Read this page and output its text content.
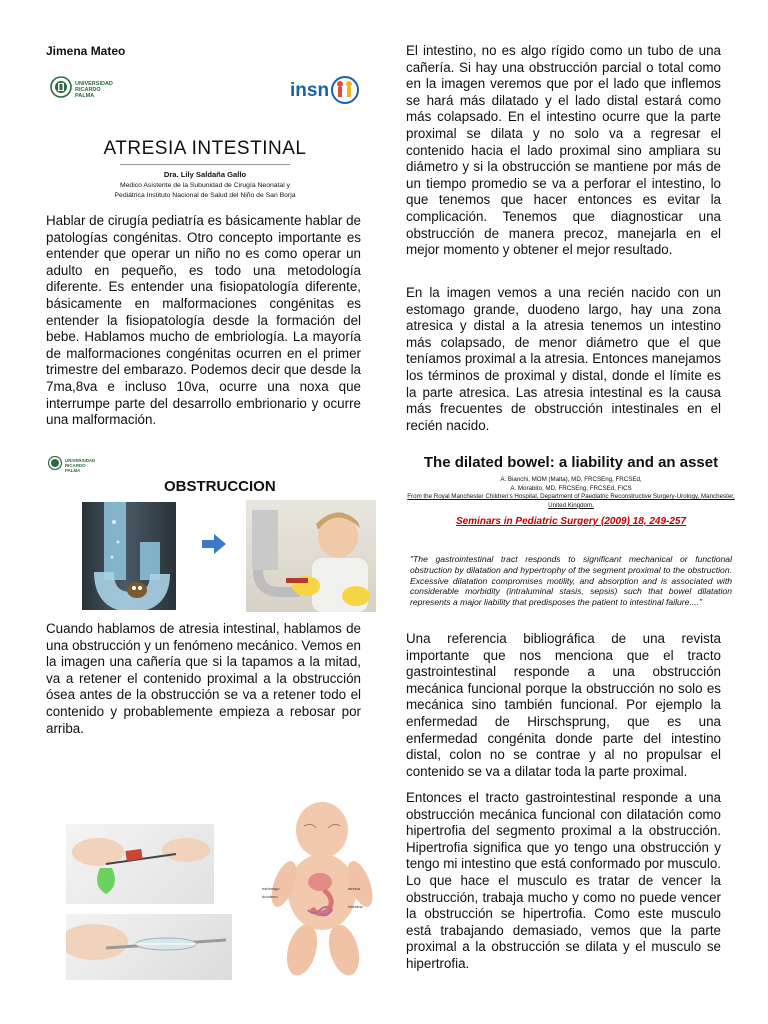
Jimena Mateo
UNIVERSIDAD
RICARDO PALMA	insn
ATRESIA INTESTINAL
Dra. Lily Saldaña Gallo
Medico Asistente de la Subunidad de Cirugía Neonatal y
Pediátrica Instituto Nacional de Salud del Niño de San Borja

Hablar de cirugía pediatría es básicamente hablar de patologías congénitas. Otro concepto importante es entender que operar un niño no es como operar un adulto en pequeño, es todo una metodología diferente. Es entender una fisiopatología diferente, básicamente en malformaciones congénitas es entender la fisiopatología desde la formación del bebe. Hablamos mucho de embriología. La mayoría de malformaciones congénitas ocurren en el primer trimestre del embarazo. Podemos decir que desde la 7ma,8va e incluso 10va, ocurre una noxa que interrumpe parte del desarrollo embrionario y ocurre una malformación.

UNIVERSIDAD
RICARDO PALMA
OBSTRUCCION

Cuando hablamos de atresia intestinal, hablamos de una obstrucción y un fenómeno mecánico. Vemos en la imagen una cañería que si la tapamos a la mitad, va a retener el contenido proximal a la obstrucción ósea antes de la obstrucción se va a retener todo el contenido y probablemente empieza a rebosar por arriba.

estómago
duodeno
atresia
intestino

El intestino, no es algo rígido como un tubo de una cañería. Si hay una obstrucción parcial o total como en la imagen veremos que por el lado que inflemos se hará más dilatado y el lado distal estará como más colapsado. En el intestino ocurre que la parte proximal se dilata y no solo va a regresar el contenido hacia el lado proximal sino ampliara su diámetro y si la obstrucción se mantiene por más de un tiempo promedio se va a perforar el intestino, lo que tenemos que hacer entonces es evitar la complicación. Tenemos que diagnosticar una obstrucción de manera precoz, manejarla en el mejor momento y obtener el mejor resultado.

En la imagen vemos a una recién nacido con un estomago grande, duodeno largo, hay una zona atresica y distal a la atresia tenemos un intestino más colapsado, de menor diámetro que el que teníamos proximal a la atresia. Entonces manejamos los términos de proximal y distal, donde el límite es la parte atresica. Las atresia intestinal es la causa más frecuentes de obstrucción intestinales en el recién nacido.

The dilated bowel: a liability and an asset
A. Bianchi, MOM (Malta), MD, FRCSEng, FRCSEd,
A. Morabito, MD, FRCSEng, FRCSEd, FICS
From the Royal Manchester Children's Hospital, Department of Paediatric Reconstructive Surgery-Urology, Manchester,
United Kingdom.
Seminars in Pediatric Surgery (2009) 18, 249-257
"The gastrointestinal tract responds to significant mechanical or functional obstruction by dilatation and hypertrophy of the segment proximal to the obstruction. Excessive dilatation compromises motility, and absorption and is associated with considerable morbidity (intraluminal stasis, sepsis) such that bowel dilatation represents a major liability that predisposes the patient to intestinal failure...."

Una referencia bibliográfica de una revista importante que nos menciona que el tracto gastrointestinal responde a una obstrucción mecánica funcional porque la obstrucción no solo es mecánica sino también funcional. Por ejemplo la enfermedad de Hirschsprung, que es una enfermedad congénita donde parte del intestino distal, colon no se contrae y al no propulsar el contenido se va a dilatar toda la parte proximal.

Entonces el tracto gastrointestinal responde a una obstrucción mecánica funcional con dilatación como hipertrofia del segmento proximal a la obstrucción. Hipertrofia significa que yo tengo una obstrucción y tengo mi intestino que está conformado por musculo. Lo que hace el musculo es tratar de vencer la obstrucción, trabaja mucho y como no puede vencer la obstrucción se hipertrofia. Como este musculo está trabajando demasiado, vemos que la parte proximal a la obstrucción se dilata y el musculo se hipertrofia.
